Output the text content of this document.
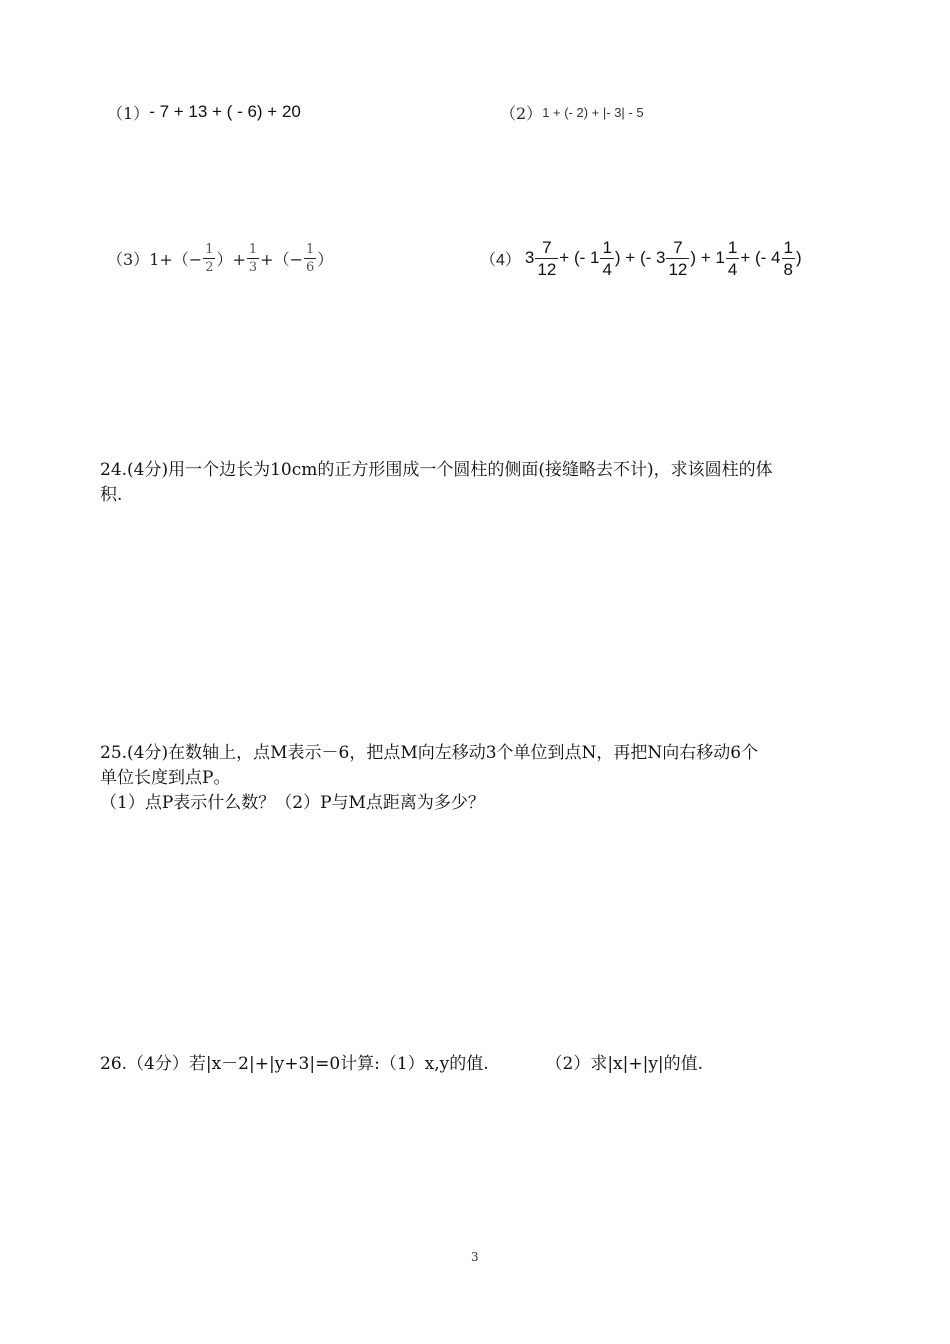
（1） - 7 + 13 + ( - 6) + 20	（2） 1 + (- 2) + |- 3| - 5
（3） $1+(- \frac{1}{2}$ ）+ $\frac{1}{3}$ +（− $\frac{1}{6}$ ）	（4） $3 \frac{7}{12}$ + (- $1 \frac{1}{4}$ ) + (- $3 \frac{7}{12}$ ) + $1 \frac{1}{4}$ + (- $4 \frac{1}{8}$ )
24.(4分)用一个边长为10cm的正方形围成一个圆柱的侧面(接缝略去不计)，求该圆柱的体
积.
25.(4分)在数轴上，点M表示－6，把点M向左移动3个单位到点N，再把N向右移动6个
单位长度到点P。
（1）点P表示什么数？（2）P与M点距离为多少？
26.（4分）若|x－2|+|y+3|=0计算:（1）x,y的值.	（2）求|x|+|y|的值.
3
